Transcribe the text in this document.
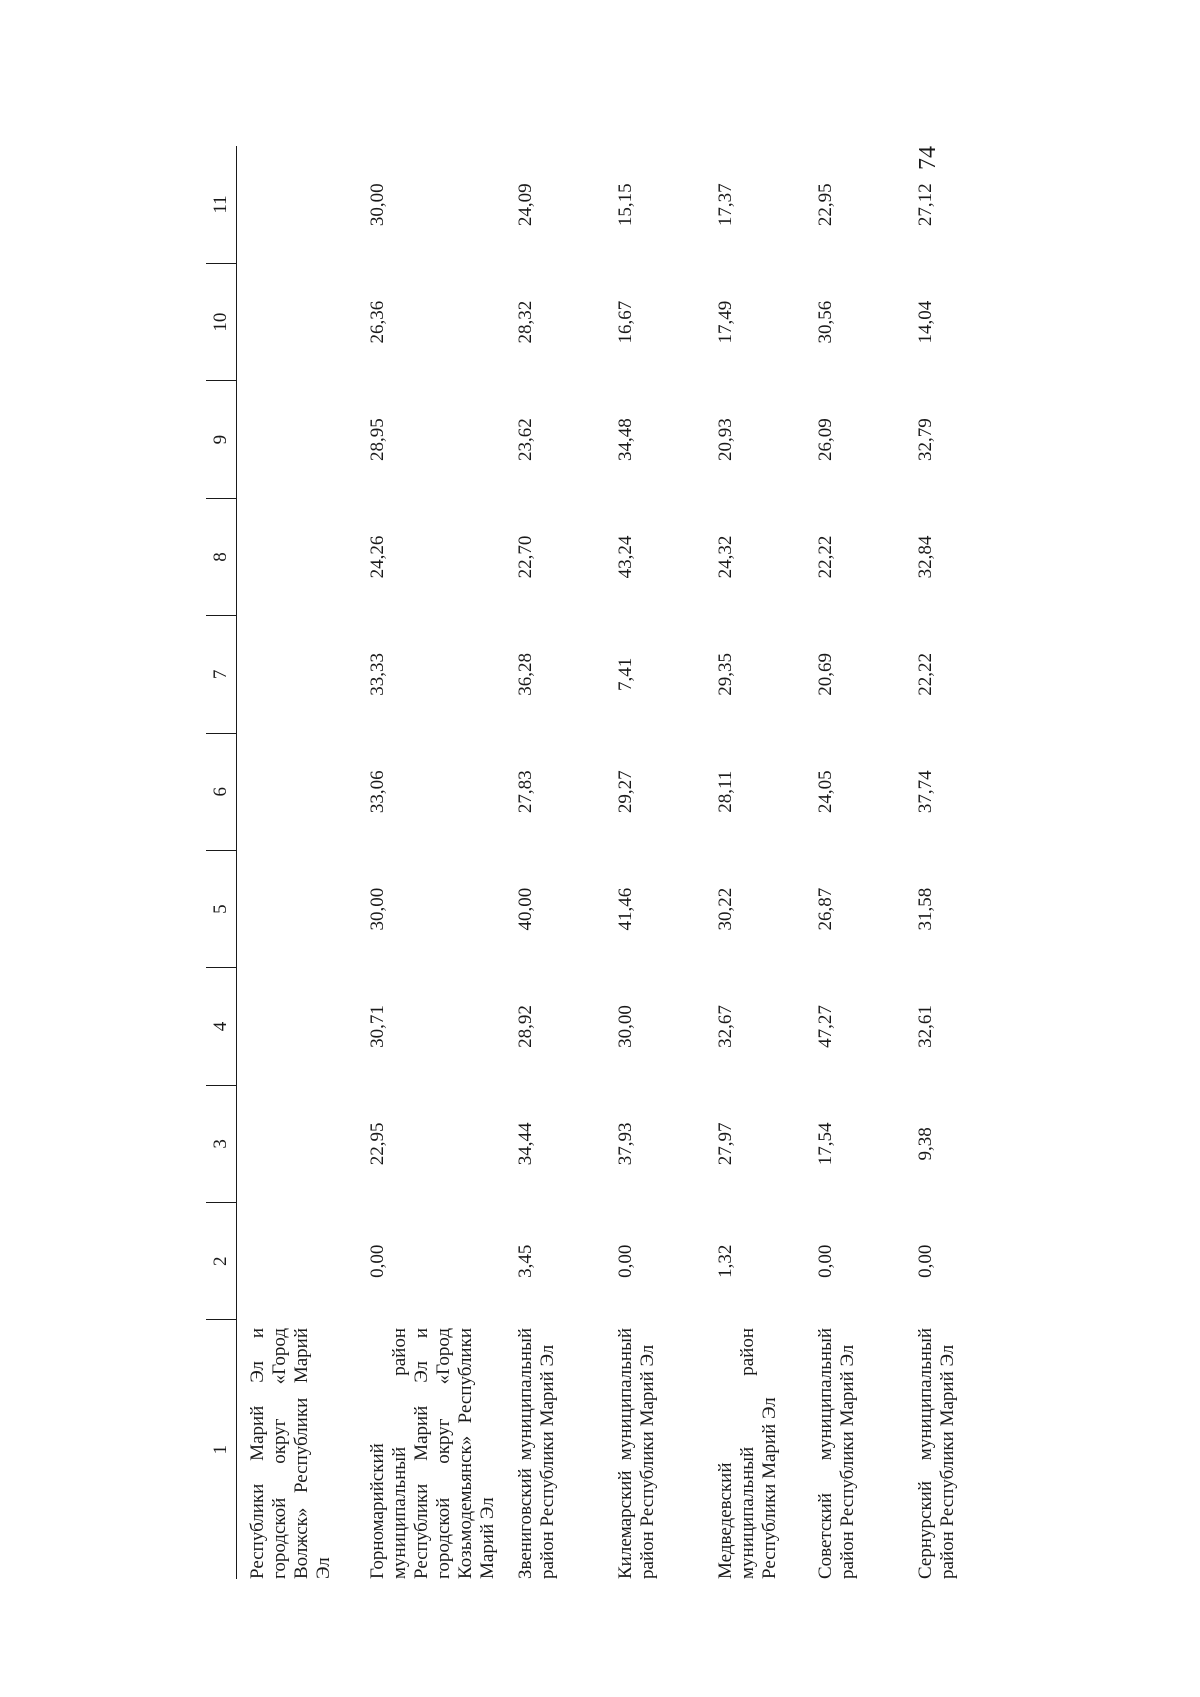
74
1	2	3	4	5	6	7	8	9	10	11
Республики Марий Эл и городской округ «Город Волжск» Республики Марий Эл										
Горномарийский муниципальный район Республики Марий Эл и городской округ «Город Козьмодемьянск» Республики Марий Эл	0,00	22,95	30,71	30,00	33,06	33,33	24,26	28,95	26,36	30,00
Звениговский муниципальный район Республики Марий Эл	3,45	34,44	28,92	40,00	27,83	36,28	22,70	23,62	28,32	24,09
Килемарский муниципальный район Республики Марий Эл	0,00	37,93	30,00	41,46	29,27	7,41	43,24	34,48	16,67	15,15
Медведевский муниципальный район Республики Марий Эл	1,32	27,97	32,67	30,22	28,11	29,35	24,32	20,93	17,49	17,37
Советский муниципальный район Республики Марий Эл	0,00	17,54	47,27	26,87	24,05	20,69	22,22	26,09	30,56	22,95
Сернурский муниципальный район Республики Марий Эл	0,00	9,38	32,61	31,58	37,74	22,22	32,84	32,79	14,04	27,12
